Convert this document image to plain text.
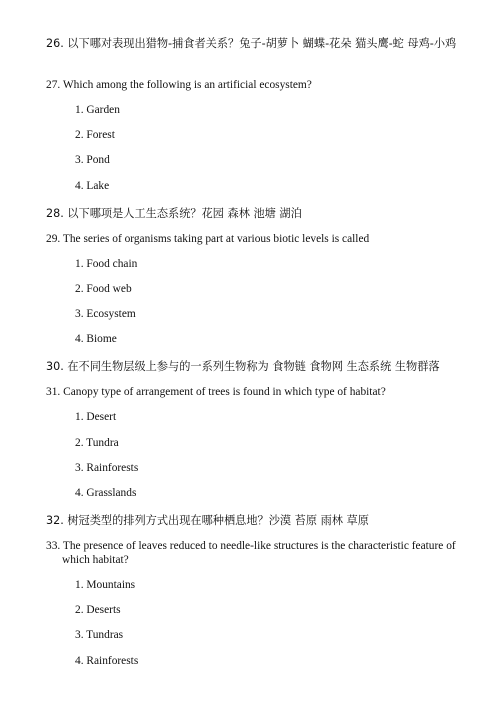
26. 以下哪对表现出猎物-捕食者关系？兔子-胡萝卜 蝴蝶-花朵 猫头鹰-蛇 母鸡-小鸡
27. Which among the following is an artificial ecosystem?
1. Garden
2. Forest
3. Pond
4. Lake
28. 以下哪项是人工生态系统？花园 森林 池塘 湖泊
29. The series of organisms taking part at various biotic levels is called
1. Food chain
2. Food web
3. Ecosystem
4. Biome
30. 在不同生物层级上参与的一系列生物称为 食物链 食物网 生态系统 生物群落
31. Canopy type of arrangement of trees is found in which type of habitat?
1. Desert
2. Tundra
3. Rainforests
4. Grasslands
32. 树冠类型的排列方式出现在哪种栖息地？沙漠 苔原 雨林 草原
33. The presence of leaves reduced to needle-like structures is the characteristic feature of which habitat?
1. Mountains
2. Deserts
3. Tundras
4. Rainforests
